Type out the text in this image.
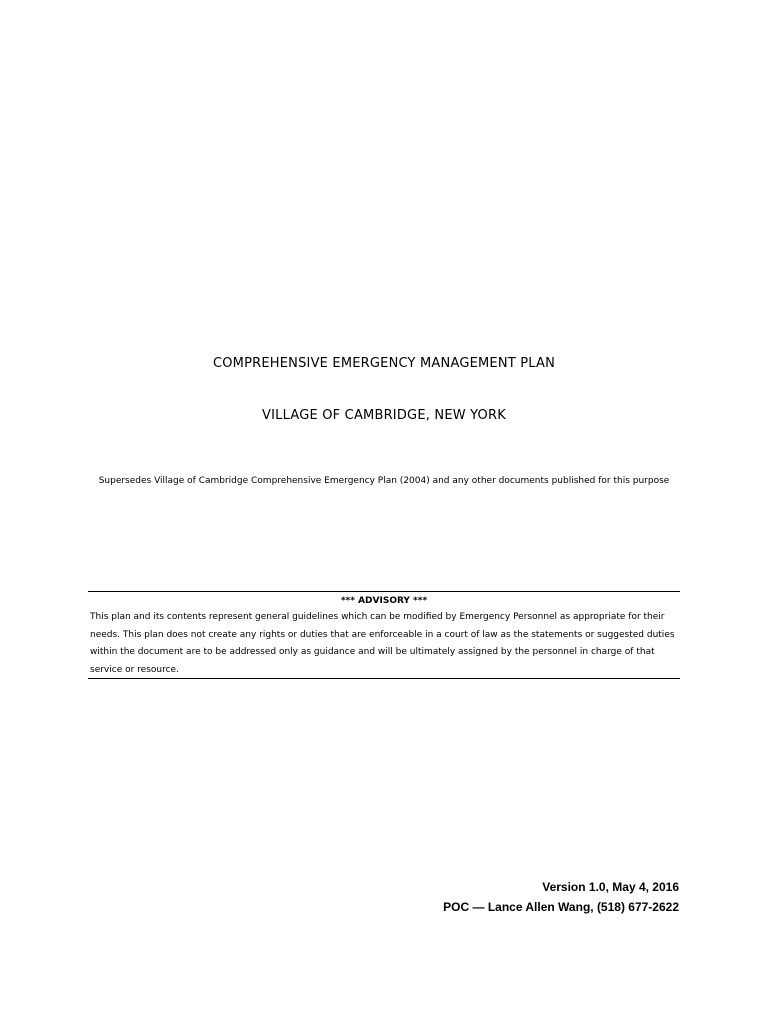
COMPREHENSIVE EMERGENCY MANAGEMENT PLAN
VILLAGE OF CAMBRIDGE, NEW YORK
Supersedes Village of Cambridge Comprehensive Emergency Plan (2004) and any other documents published for this purpose
*** ADVISORY ***
This plan and its contents represent general guidelines which can be modified by Emergency Personnel as appropriate for their needs. This plan does not create any rights or duties that are enforceable in a court of law as the statements or suggested duties within the document are to be addressed only as guidance and will be ultimately assigned by the personnel in charge of that service or resource.
Version 1.0, May 4, 2016
POC — Lance Allen Wang, (518) 677-2622
